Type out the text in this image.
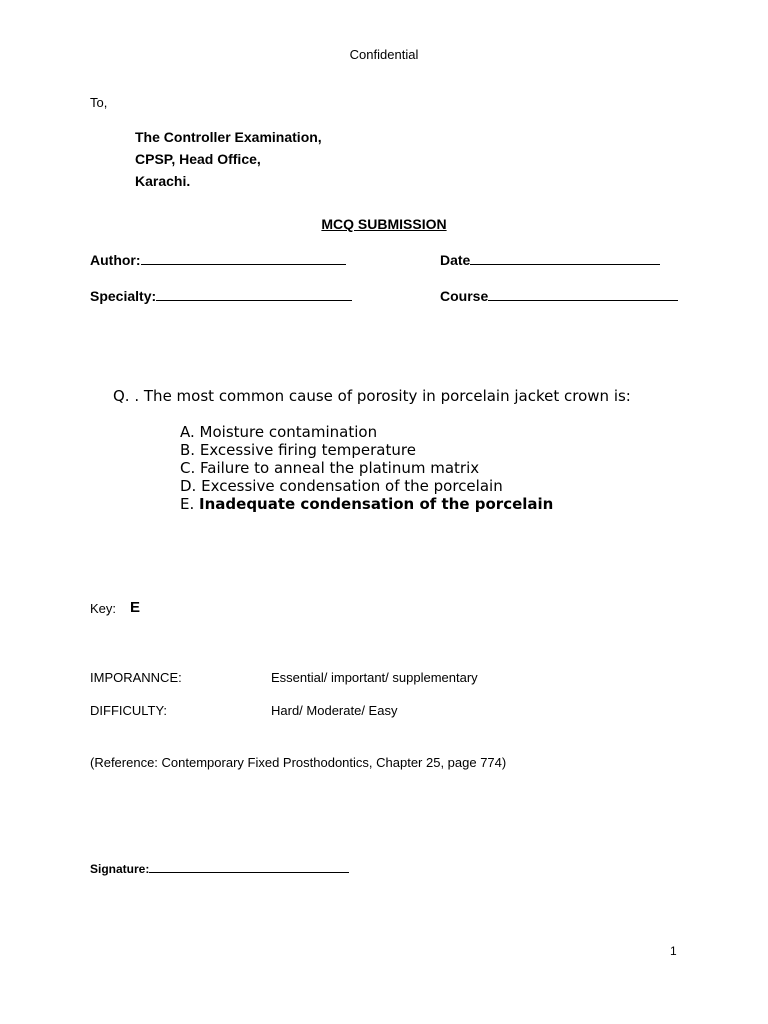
Confidential
To,
The Controller Examination,
CPSP, Head Office,
Karachi.
MCQ SUBMISSION
Author:	Date
Specialty:	Course
Q. . The most common cause of porosity in porcelain jacket crown is:
A. Moisture contamination
B. Excessive firing temperature
C. Failure to anneal the platinum matrix
D. Excessive condensation of the porcelain
E. Inadequate condensation of the porcelain
Key: E
IMPORANNCE:	Essential/ important/ supplementary
DIFFICULTY:	Hard/ Moderate/ Easy
(Reference: Contemporary Fixed Prosthodontics, Chapter 25, page 774)
Signature:
1
